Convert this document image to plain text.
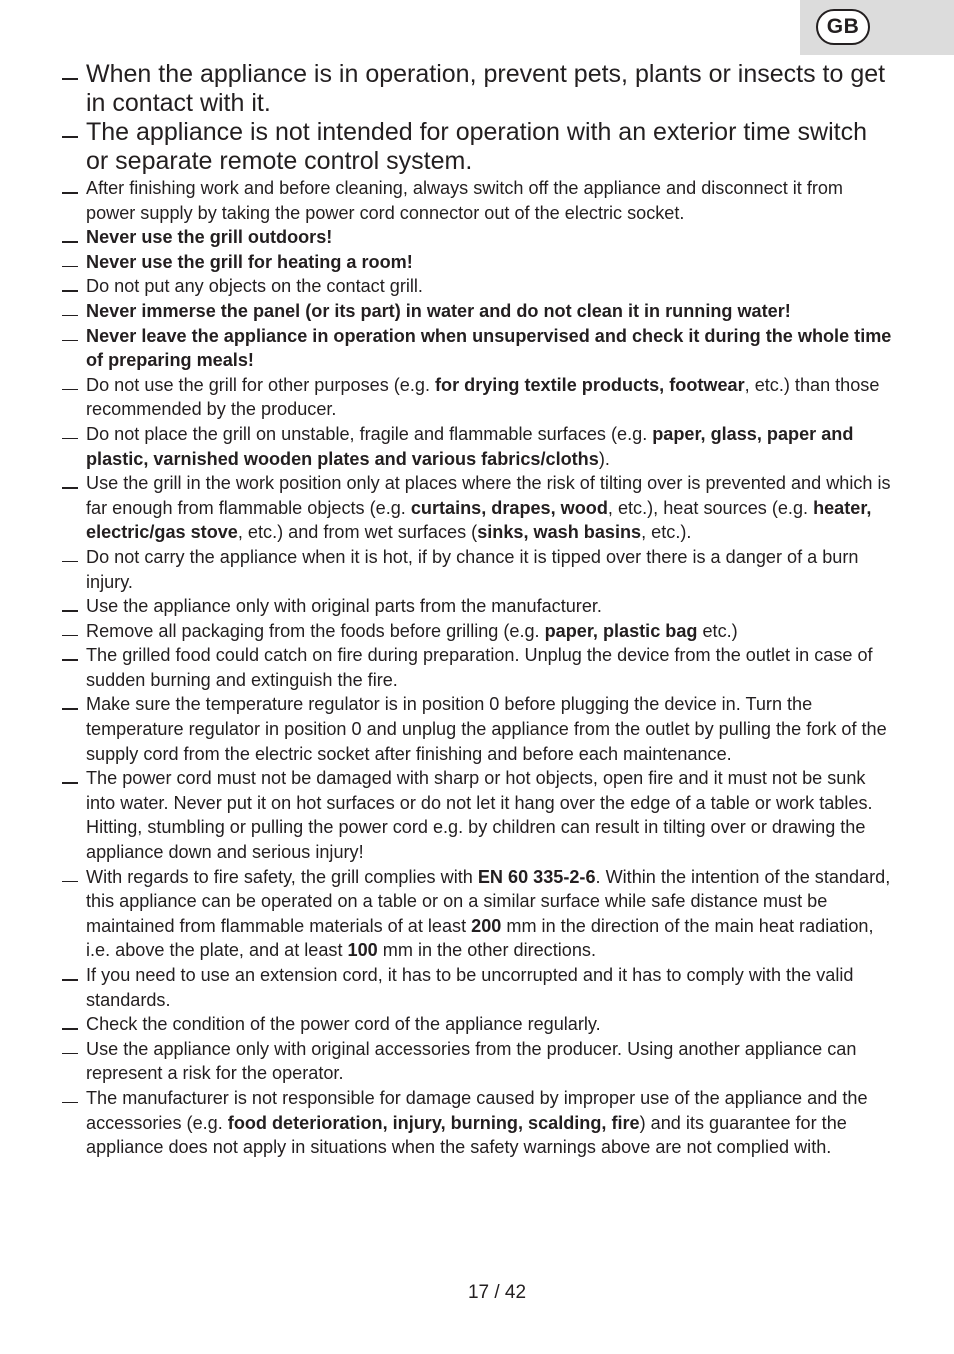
GB
When the appliance is in operation, prevent pets, plants or insects to get in contact with it.
The appliance is not intended for operation with an exterior time switch or separate remote control system.
After finishing work and before cleaning, always switch off the appliance and disconnect it from power supply by taking the power cord connector out of the electric socket.
Never use the grill outdoors!
Never use the grill for heating a room!
Do not put any objects on the contact grill.
Never immerse the panel (or its part) in water and do not clean it in running water!
Never leave the appliance in operation when unsupervised and check it during the whole time of preparing meals!
Do not use the grill for other purposes (e.g. for drying textile products, footwear, etc.) than those recommended by the producer.
Do not place the grill on unstable, fragile and flammable surfaces (e.g. paper, glass, paper and plastic, varnished wooden plates and various fabrics/cloths).
Use the grill in the work position only at places where the risk of tilting over is prevented and which is far enough from flammable objects (e.g. curtains, drapes, wood, etc.), heat sources (e.g. heater, electric/gas stove, etc.) and from wet surfaces (sinks, wash basins, etc.).
Do not carry the appliance when it is hot, if by chance it is tipped over there is a danger of a burn injury.
Use the appliance only with original parts from the manufacturer.
Remove all packaging from the foods before grilling (e.g. paper, plastic bag etc.)
The grilled food could catch on fire during preparation. Unplug the device from the outlet in case of sudden burning and extinguish the fire.
Make sure the temperature regulator is in position 0 before plugging the device in. Turn the temperature regulator in position 0 and unplug the appliance from the outlet by pulling the fork of the supply cord from the electric socket after finishing and before each maintenance.
The power cord must not be damaged with sharp or hot objects, open fire and it must not be sunk into water. Never put it on hot surfaces or do not let it hang over the edge of a table or work tables. Hitting, stumbling or pulling the power cord e.g. by children can result in tilting over or drawing the appliance down and serious injury!
With regards to fire safety, the grill complies with EN 60 335-2-6. Within the intention of the standard, this appliance can be operated on a table or on a similar surface while safe distance must be maintained from flammable materials of at least 200 mm in the direction of the main heat radiation, i.e. above the plate, and at least 100 mm in the other directions.
If you need to use an extension cord, it has to be uncorrupted and it has to comply with the valid standards.
Check the condition of the power cord of the appliance regularly.
Use the appliance only with original accessories from the producer. Using another appliance can represent a risk for the operator.
The manufacturer is not responsible for damage caused by improper use of the appliance and the accessories (e.g. food deterioration, injury, burning, scalding, fire) and its guarantee for the appliance does not apply in situations when the safety warnings above are not complied with.
17 / 42
